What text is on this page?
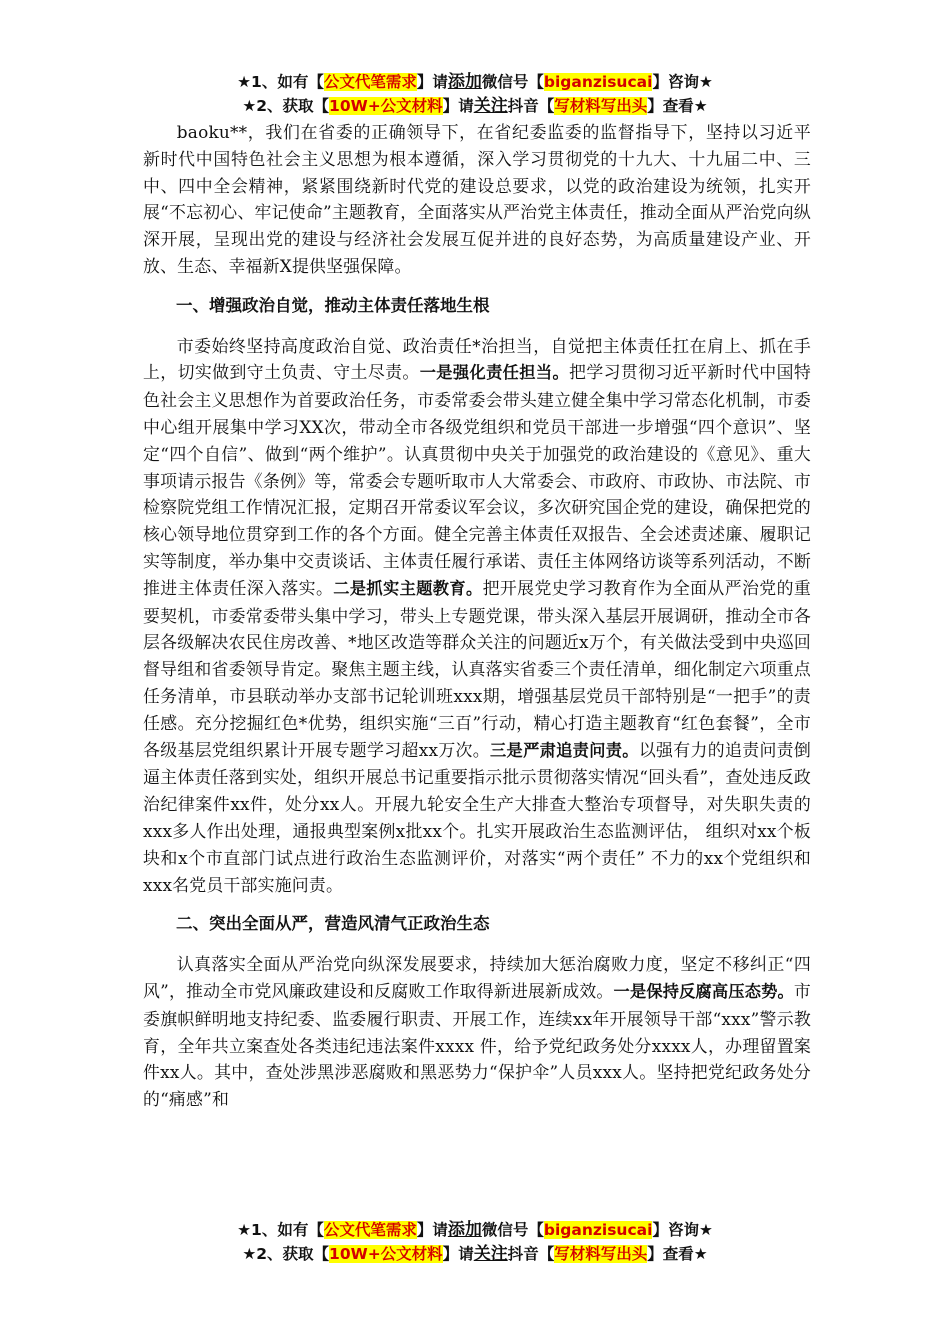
★1、如有【公文代笔需求】请添加微信号【biganzisucai】咨询★
★2、获取【10W+公文材料】请关注抖音【写材料写出头】查看★

baoku**，我们在省委的正确领导下，在省纪委监委的监督指导下，坚持以习近平新时代中国特色社会主义思想为根本遵循，深入学习贯彻党的十九大、十九届二中、三中、四中全会精神，紧紧围绕新时代党的建设总要求，以党的政治建设为统领，扎实开展“不忘初心、牢记使命”主题教育，全面落实从严治党主体责任，推动全面从严治党向纵深开展，呈现出党的建设与经济社会发展互促并进的良好态势，为高质量建设产业、开放、生态、幸福新X提供坚强保障。

一、增强政治自觉，推动主体责任落地生根

市委始终坚持高度政治自觉、政治责任*治担当，自觉把主体责任扛在肩上、抓在手上，切实做到守土负责、守土尽责。一是强化责任担当。把学习贯彻习近平新时代中国特色社会主义思想作为首要政治任务，市委常委会带头建立健全集中学习常态化机制，市委中心组开展集中学习XX次，带动全市各级党组织和党员干部进一步增强“四个意识”、坚定“四个自信”、做到“两个维护”。认真贯彻中央关于加强党的政治建设的《意见》、重大事项请示报告《条例》等，常委会专题听取市人大常委会、市政府、市政协、市法院、市检察院党组工作情况汇报，定期召开常委议军会议，多次研究国企党的建设，确保把党的核心领导地位贯穿到工作的各个方面。健全完善主体责任双报告、全会述责述廉、履职记实等制度，举办集中交责谈话、主体责任履行承诺、责任主体网络访谈等系列活动，不断推进主体责任深入落实。二是抓实主题教育。把开展党史学习教育作为全面从严治党的重要契机，市委常委带头集中学习，带头上专题党课，带头深入基层开展调研，推动全市各层各级解决农民住房改善、*地区改造等群众关注的问题近x万个，有关做法受到中央巡回督导组和省委领导肯定。聚焦主题主线，认真落实省委三个责任清单，细化制定六项重点任务清单，市县联动举办支部书记轮训班xxx期，增强基层党员干部特别是“一把手”的责任感。充分挖掘红色*优势，组织实施“三百”行动，精心打造主题教育“红色套餐”，全市各级基层党组织累计开展专题学习超xx万次。三是严肃追责问责。以强有力的追责问责倒逼主体责任落到实处，组织开展总书记重要指示批示贯彻落实情况“回头看”，查处违反政治纪律案件xx件，处分xx人。开展九轮安全生产大排查大整治专项督导，对失职失责的xxx多人作出处理，通报典型案例x批xx个。扎实开展政治生态监测评估， 组织对xx个板块和x个市直部门试点进行政治生态监测评价，对落实“两个责任” 不力的xx个党组织和xxx名党员干部实施问责。

二、突出全面从严，营造风清气正政治生态

认真落实全面从严治党向纵深发展要求，持续加大惩治腐败力度，坚定不移纠正“四风”，推动全市党风廉政建设和反腐败工作取得新进展新成效。一是保持反腐高压态势。市委旗帜鲜明地支持纪委、监委履行职责、开展工作，连续xx年开展领导干部“xxx”警示教育，全年共立案查处各类违纪违法案件xxxx 件，给予党纪政务处分xxxx人，办理留置案件xx人。其中，查处涉黑涉恶腐败和黑恶势力“保护伞”人员xxx人。坚持把党纪政务处分的“痛感”和

★1、如有【公文代笔需求】请添加微信号【biganzisucai】咨询★
★2、获取【10W+公文材料】请关注抖音【写材料写出头】查看★
